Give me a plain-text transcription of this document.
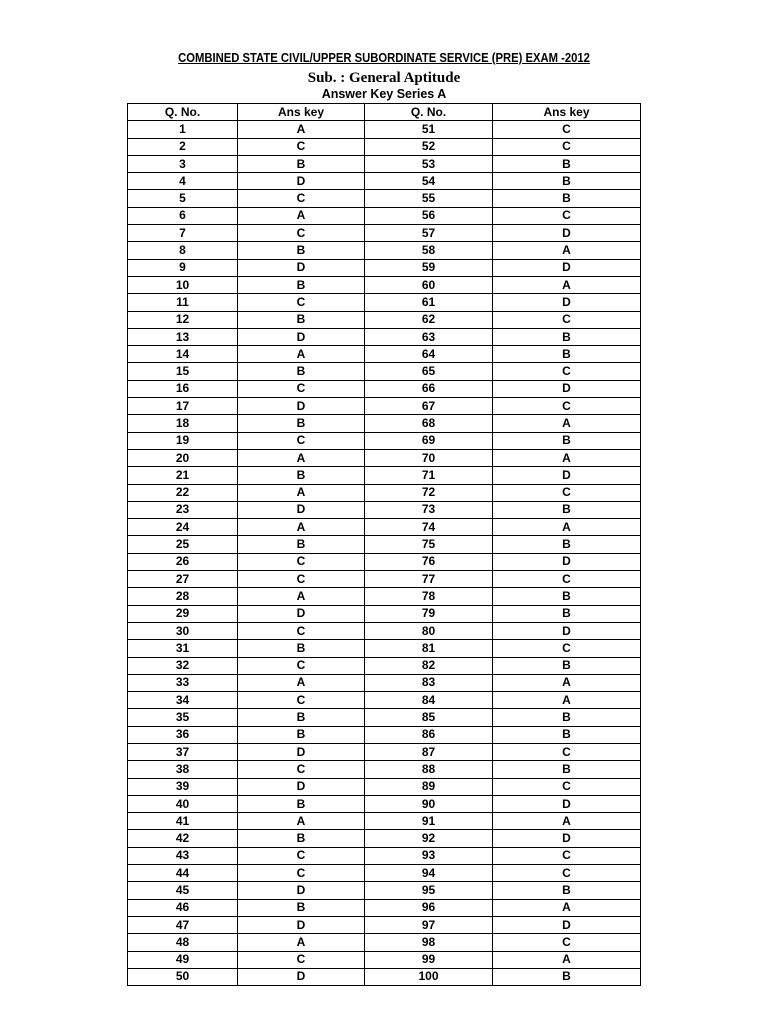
COMBINED STATE CIVIL/UPPER SUBORDINATE SERVICE (PRE) EXAM -2012
Sub. : General Aptitude
Answer Key Series A
Q. No.	Ans key	Q. No.	Ans key
1	A	51	C
2	C	52	C
3	B	53	B
4	D	54	B
5	C	55	B
6	A	56	C
7	C	57	D
8	B	58	A
9	D	59	D
10	B	60	A
11	C	61	D
12	B	62	C
13	D	63	B
14	A	64	B
15	B	65	C
16	C	66	D
17	D	67	C
18	B	68	A
19	C	69	B
20	A	70	A
21	B	71	D
22	A	72	C
23	D	73	B
24	A	74	A
25	B	75	B
26	C	76	D
27	C	77	C
28	A	78	B
29	D	79	B
30	C	80	D
31	B	81	C
32	C	82	B
33	A	83	A
34	C	84	A
35	B	85	B
36	B	86	B
37	D	87	C
38	C	88	B
39	D	89	C
40	B	90	D
41	A	91	A
42	B	92	D
43	C	93	C
44	C	94	C
45	D	95	B
46	B	96	A
47	D	97	D
48	A	98	C
49	C	99	A
50	D	100	B
